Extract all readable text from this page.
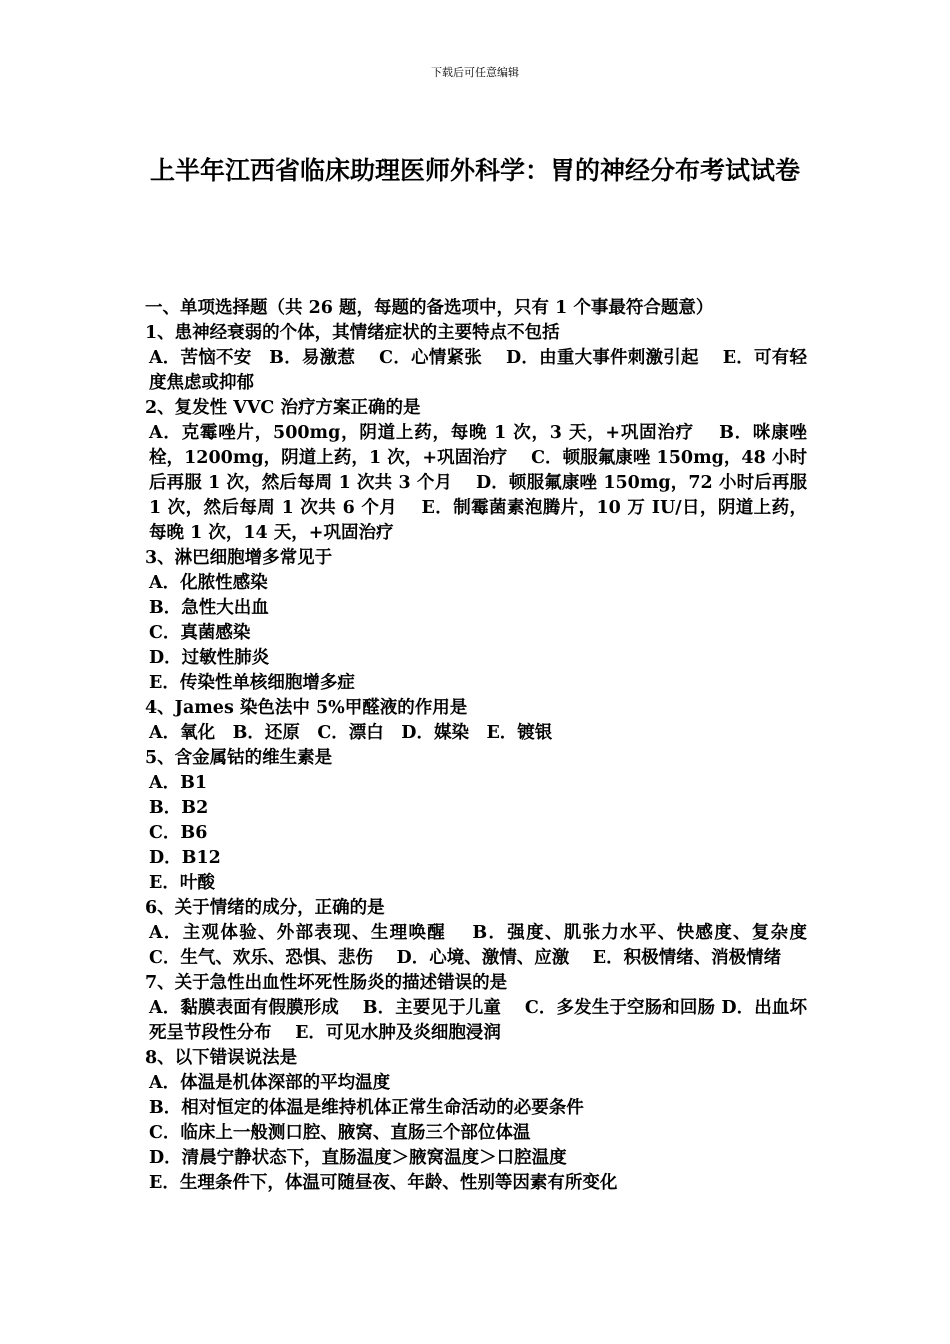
下载后可任意编辑
上半年江西省临床助理医师外科学：胃的神经分布考试试卷
一、单项选择题（共 26 题，每题的备选项中，只有 1 个事最符合题意）
1、患神经衰弱的个体，其情绪症状的主要特点不包括
A．苦恼不安　B．易激惹　 C．心情紧张　 D．由重大事件刺激引起　 E．可有轻度焦虑或抑郁
2、复发性 VVC 治疗方案正确的是
A．克霉唑片，500mg，阴道上药，每晚 1 次，3 天，+巩固治疗　 B．咪康唑栓，1200mg，阴道上药，1 次，+巩固治疗　 C．顿服氟康唑 150mg，48 小时后再服 1 次，然后每周 1 次共 3 个月　 D．顿服氟康唑 150mg，72 小时后再服 1 次，然后每周 1 次共 6 个月　 E．制霉菌素泡腾片，10 万 IU/日，阴道上药，每晚 1 次，14 天，+巩固治疗
3、淋巴细胞增多常见于
A．化脓性感染
B．急性大出血
C．真菌感染
D．过敏性肺炎
E．传染性单核细胞增多症
4、James 染色法中 5%甲醛液的作用是
A．氧化　B．还原　C．漂白　D．媒染　E．镀银
5、含金属钴的维生素是
A．B1
B．B2
C．B6
D．B12
E．叶酸
6、关于情绪的成分，正确的是
A．主观体验、外部表现、生理唤醒　 B．强度、肌张力水平、快感度、复杂度　 C．生气、欢乐、恐惧、悲伤　 D．心境、激情、应激　 E．积极情绪、消极情绪
7、关于急性出血性坏死性肠炎的描述错误的是
A．黏膜表面有假膜形成　 B．主要见于儿童　 C．多发生于空肠和回肠 D．出血坏死呈节段性分布　 E．可见水肿及炎细胞浸润
8、以下错误说法是
A．体温是机体深部的平均温度
B．相对恒定的体温是维持机体正常生命活动的必要条件
C．临床上一般测口腔、腋窝、直肠三个部位体温
D．清晨宁静状态下，直肠温度＞腋窝温度＞口腔温度
E．生理条件下，体温可随昼夜、年龄、性别等因素有所变化
